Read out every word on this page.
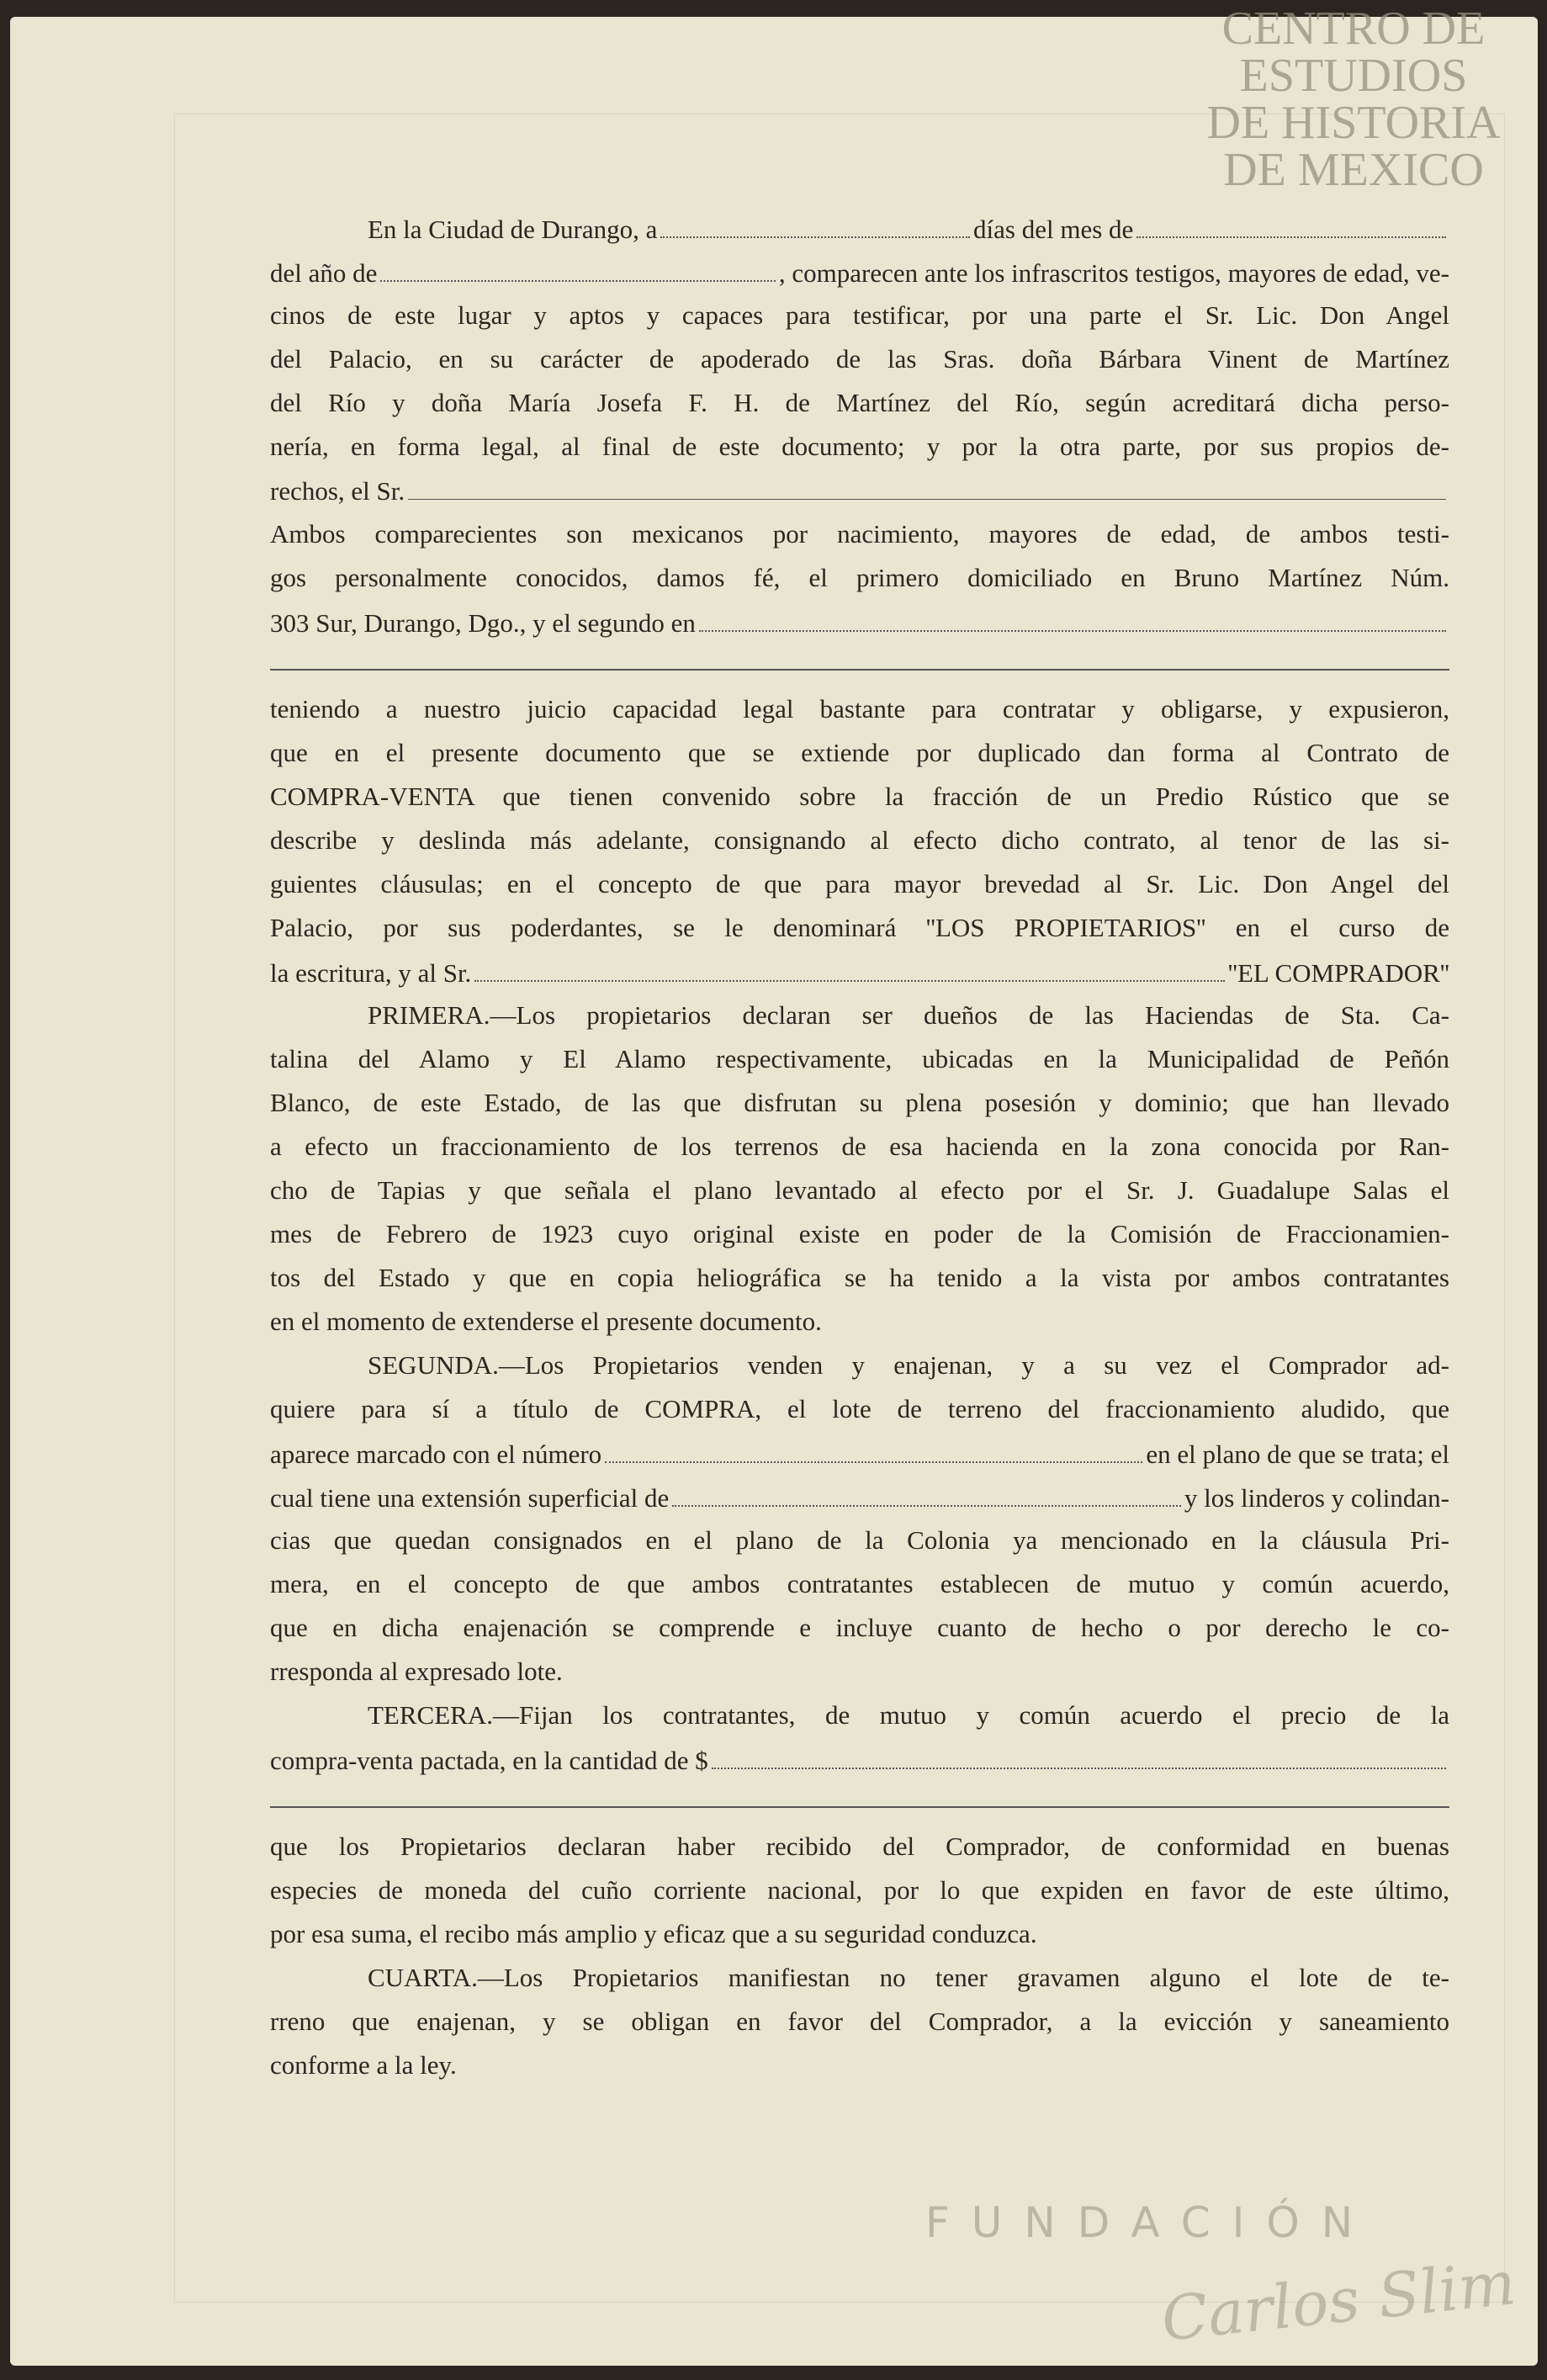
En la Ciudad de Durango, a	días del mes de
del año de	, comparecen ante los infrascritos testigos, mayores de edad, ve-
cinos de este lugar y aptos y capaces para testificar, por una parte el Sr. Lic. Don Angel
del Palacio, en su carácter de apoderado de las Sras. doña Bárbara Vinent de Martínez
del Río y doña María Josefa F. H. de Martínez del Río, según acreditará dicha perso-
nería, en forma legal, al final de este documento; y por la otra parte, por sus propios de-
rechos, el Sr.
Ambos comparecientes son mexicanos por nacimiento, mayores de edad, de ambos testi-
gos personalmente conocidos, damos fé, el primero domiciliado en Bruno Martínez Núm.
303 Sur, Durango, Dgo., y el segundo en
teniendo a nuestro juicio capacidad legal bastante para contratar y obligarse, y expusieron,
que en el presente documento que se extiende por duplicado dan forma al Contrato de
COMPRA-VENTA que tienen convenido sobre la fracción de un Predio Rústico que se
describe y deslinda más adelante, consignando al efecto dicho contrato, al tenor de las si-
guientes cláusulas; en el concepto de que para mayor brevedad al Sr. Lic. Don Angel del
Palacio, por sus poderdantes, se le denominará ''LOS PROPIETARIOS'' en el curso de
la escritura, y al Sr.	''EL COMPRADOR''
PRIMERA.—Los propietarios declaran ser dueños de las Haciendas de Sta. Ca-
talina del Alamo y El Alamo respectivamente, ubicadas en la Municipalidad de Peñón
Blanco, de este Estado, de las que disfrutan su plena posesión y dominio; que han llevado
a efecto un fraccionamiento de los terrenos de esa hacienda en la zona conocida por Ran-
cho de Tapias y que señala el plano levantado al efecto por el Sr. J. Guadalupe Salas el
mes de Febrero de 1923 cuyo original existe en poder de la Comisión de Fraccionamien-
tos del Estado y que en copia heliográfica se ha tenido a la vista por ambos contratantes
en el momento de extenderse el presente documento.
SEGUNDA.—Los Propietarios venden y enajenan, y a su vez el Comprador ad-
quiere para sí a título de COMPRA, el lote de terreno del fraccionamiento aludido, que
aparece marcado con el número	en el plano de que se trata; el
cual tiene una extensión superficial de	y los linderos y colindan-
cias que quedan consignados en el plano de la Colonia ya mencionado en la cláusula Pri-
mera, en el concepto de que ambos contratantes establecen de mutuo y común acuerdo,
que en dicha enajenación se comprende e incluye cuanto de hecho o por derecho le co-
rresponda al expresado lote.
TERCERA.—Fijan los contratantes, de mutuo y común acuerdo el precio de la
compra-venta pactada, en la cantidad de $
que los Propietarios declaran haber recibido del Comprador, de conformidad en buenas
especies de moneda del cuño corriente nacional, por lo que expiden en favor de este último,
por esa suma, el recibo más amplio y eficaz que a su seguridad conduzca.
CUARTA.—Los Propietarios manifiestan no tener gravamen alguno el lote de te-
rreno que enajenan, y se obligan en favor del Comprador, a la evicción y saneamiento
conforme a la ley.
CENTRO DE
ESTUDIOS
DE HISTORIA
DE MEXICO
FUNDACIÓN
Carlos Slim
